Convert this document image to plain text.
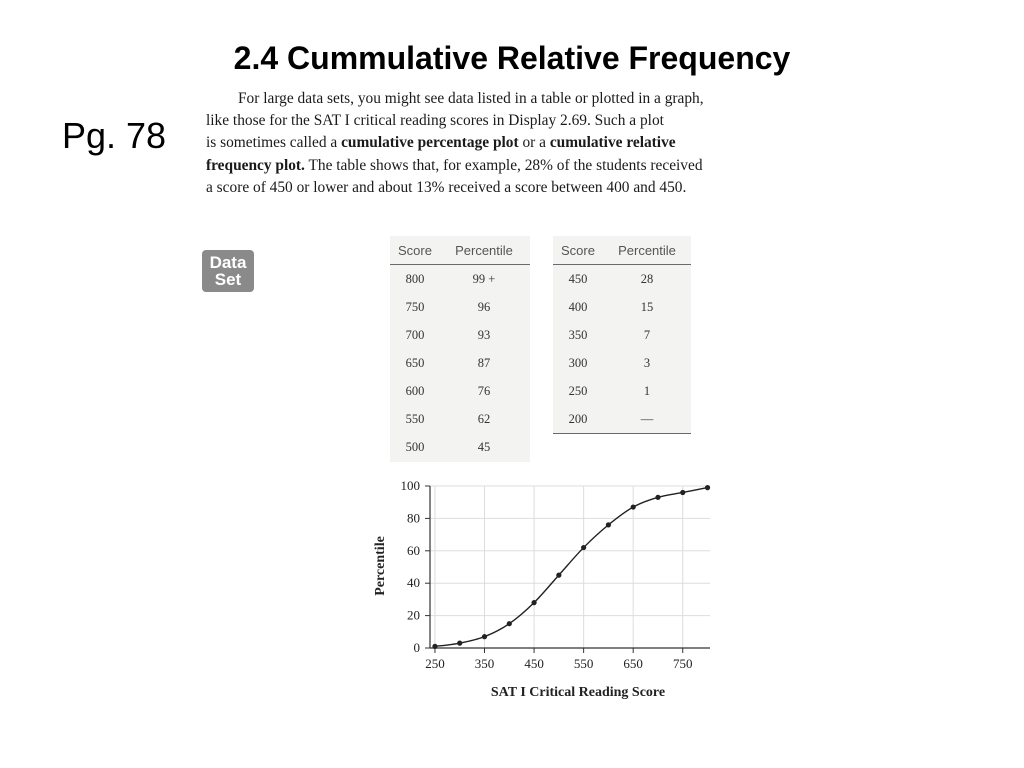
2.4 Cummulative Relative Frequency
Pg. 78
For large data sets, you might see data listed in a table or plotted in a graph,
like those for the SAT I critical reading scores in Display 2.69. Such a plot
is sometimes called a cumulative percentage plot or a cumulative relative
frequency plot. The table shows that, for example, 28% of the students received
a score of 450 or lower and about 13% received a score between 400 and 450.
Data
Set
Score	Percentile
800	99 +
750	96
700	93
650	87
600	76
550	62
500	45
Score	Percentile
450	28
400	15
350	7
300	3
250	1
200	—
0
20
40
60
80
100
250 350 450 550 650 750
SAT I Critical Reading Score
Percentile
